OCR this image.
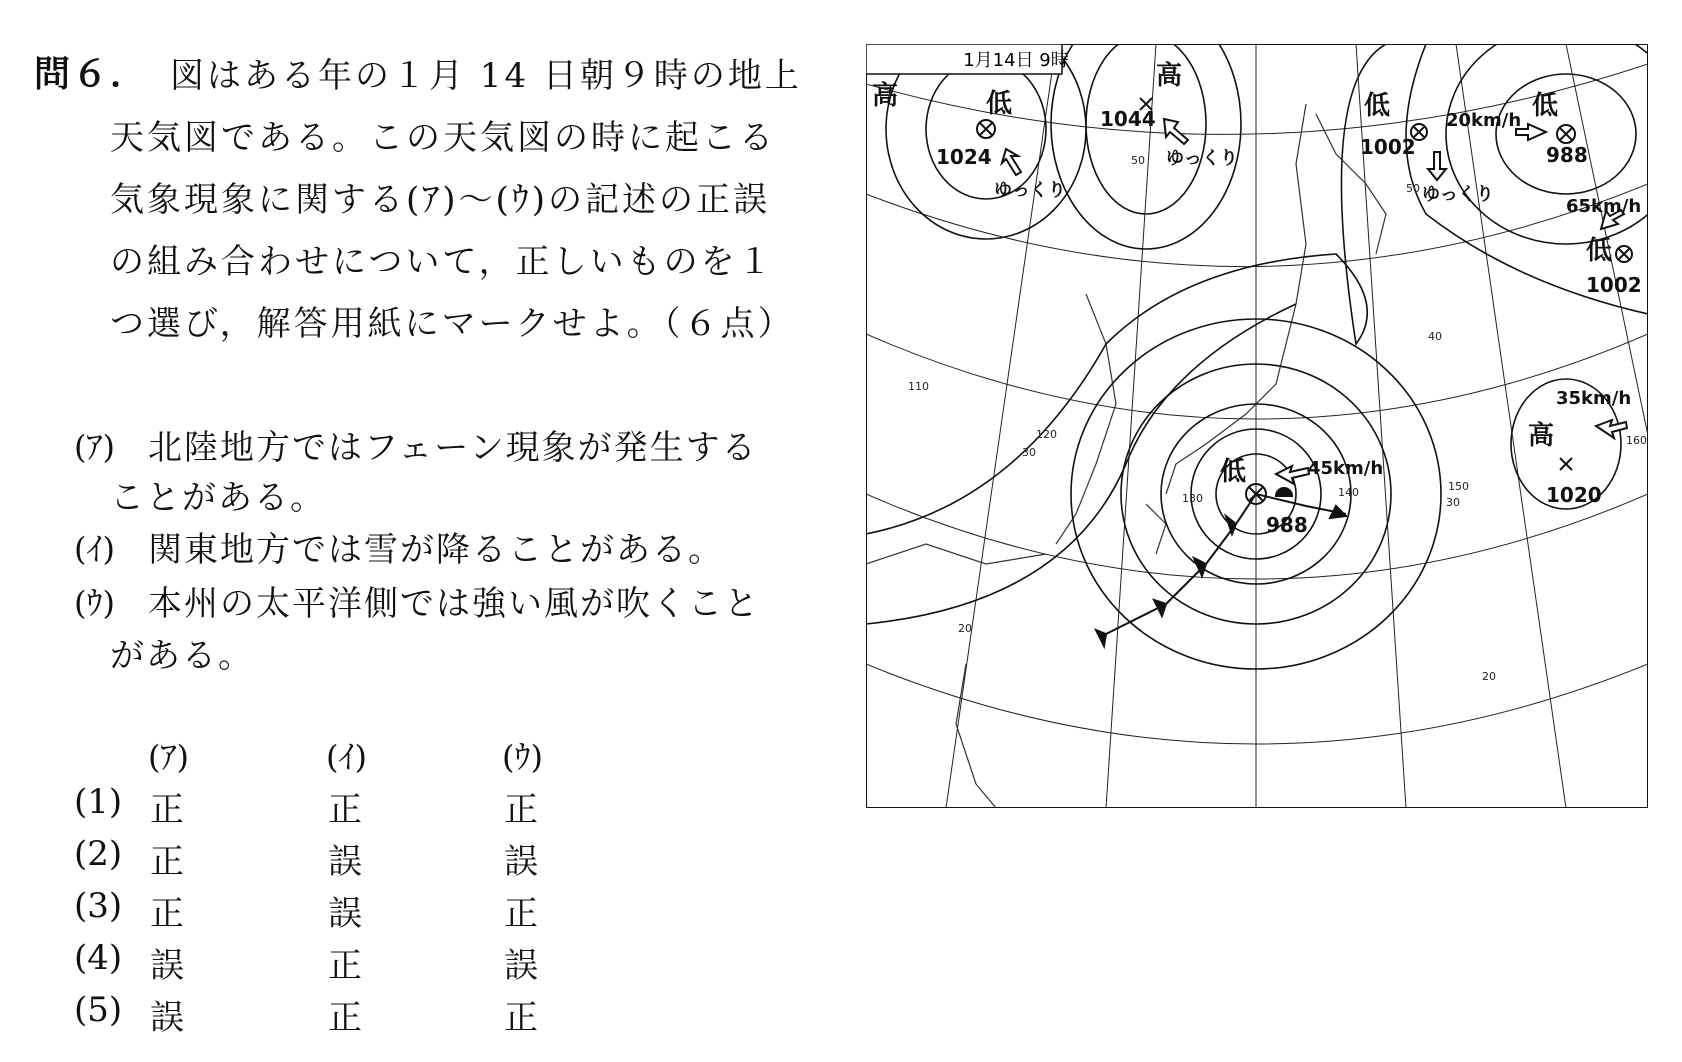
問６． 図はある年の１月 14 日朝９時の地上
天気図である。この天気図の時に起こる
気象現象に関する(ｱ)～(ｳ)の記述の正誤
の組み合わせについて，正しいものを１
つ選び，解答用紙にマークせよ。（６点）
(ｱ) 北陸地方ではフェーン現象が発生する
ことがある。
(ｲ) 関東地方では雪が降ることがある。
(ｳ) 本州の太平洋側では強い風が吹くこと
がある。
(ｱ)	(ｲ)	(ｳ)
(1) 正	正	正
(2) 正	誤	誤
(3) 正	誤	正
(4) 誤	正	誤
(5) 誤	正	正
1月14日 9時
高	低
1024
ゆっくり
高
1044
ゆっくり
低
1002
ゆっくり
低
988
20km/h
低
1002
65km/h
低
988
45km/h
高
1020
35km/h
50
50
40
110
120
30
130	140	150
30
160
20
20
